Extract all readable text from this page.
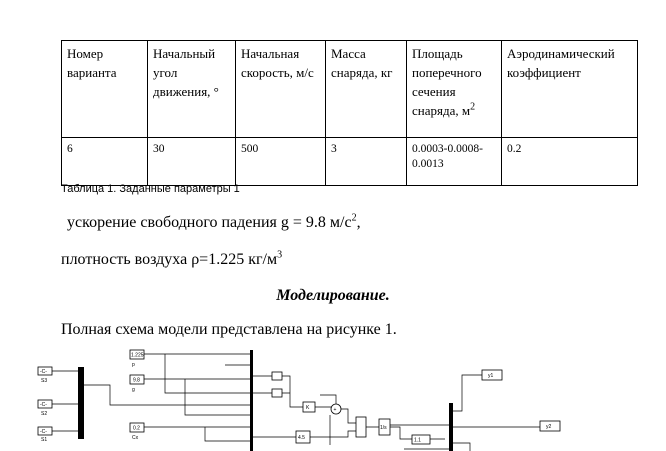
Номер варианта	Начальный угол движения, °	Начальная скорость, м/с	Масса снаряда, кг	Площадь поперечного сечения снаряда, $м^2$	Аэродинамический коэффициент
6	30	500	3	0.0003-0.0008-0.0013	0.2
Таблица 1. Заданные параметры 1
ускорение свободного падения g = 9.8 $м/с^2$,
плотность воздуха ρ=1.225 $кг/м^3$
Моделирование.
Полная схема модели представлена на рисунке 1.
-C-
-C-
-C-
S3
S2
S1
1.225
9.8
0.2
p
g
Cx
K
4.5
+
1/s
1.1
y1
y2
